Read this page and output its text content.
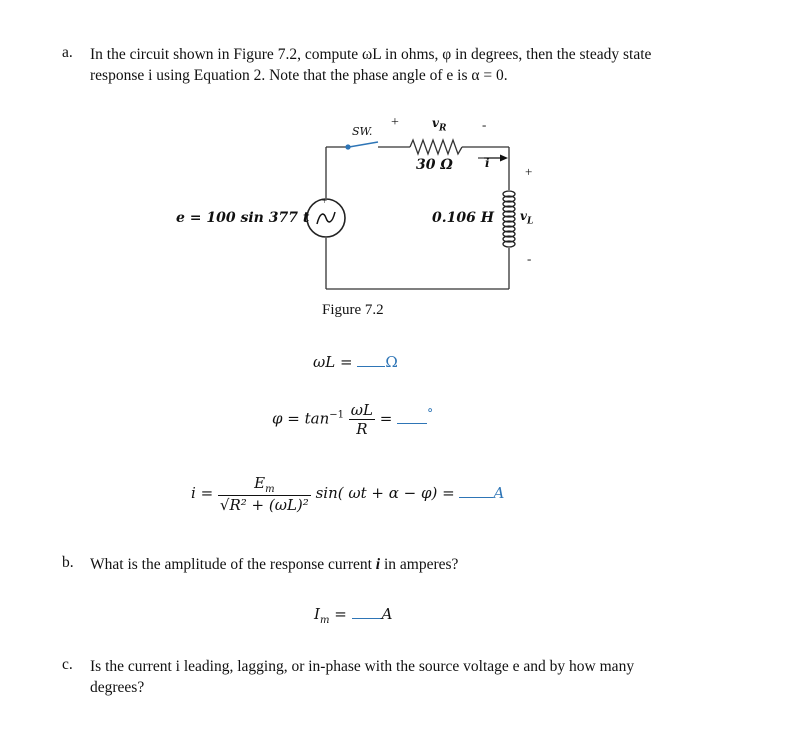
a. In the circuit shown in Figure 7.2, compute ωL in ohms, φ in degrees, then the steady state
response i using Equation 2. Note that the phase angle of e is α = 0.
SW.
+	$v_R$	-
30 Ω	i
+
$v_L$
-
e = 100 sin 377 t
+
0.106 H
Figure 7.2
ωL = Ω
$\varphi = \tan^{-1} \frac{\omega L}{R}$ =	°
$i = \frac{E_m}{\text{√R² + (ωL)²}} \sin$( ωt + α − φ) =	A
b. What is the amplitude of the response current i in amperes?
$I_m = A$
c. Is the current i leading, lagging, or in-phase with the source voltage e and by how many
degrees?
